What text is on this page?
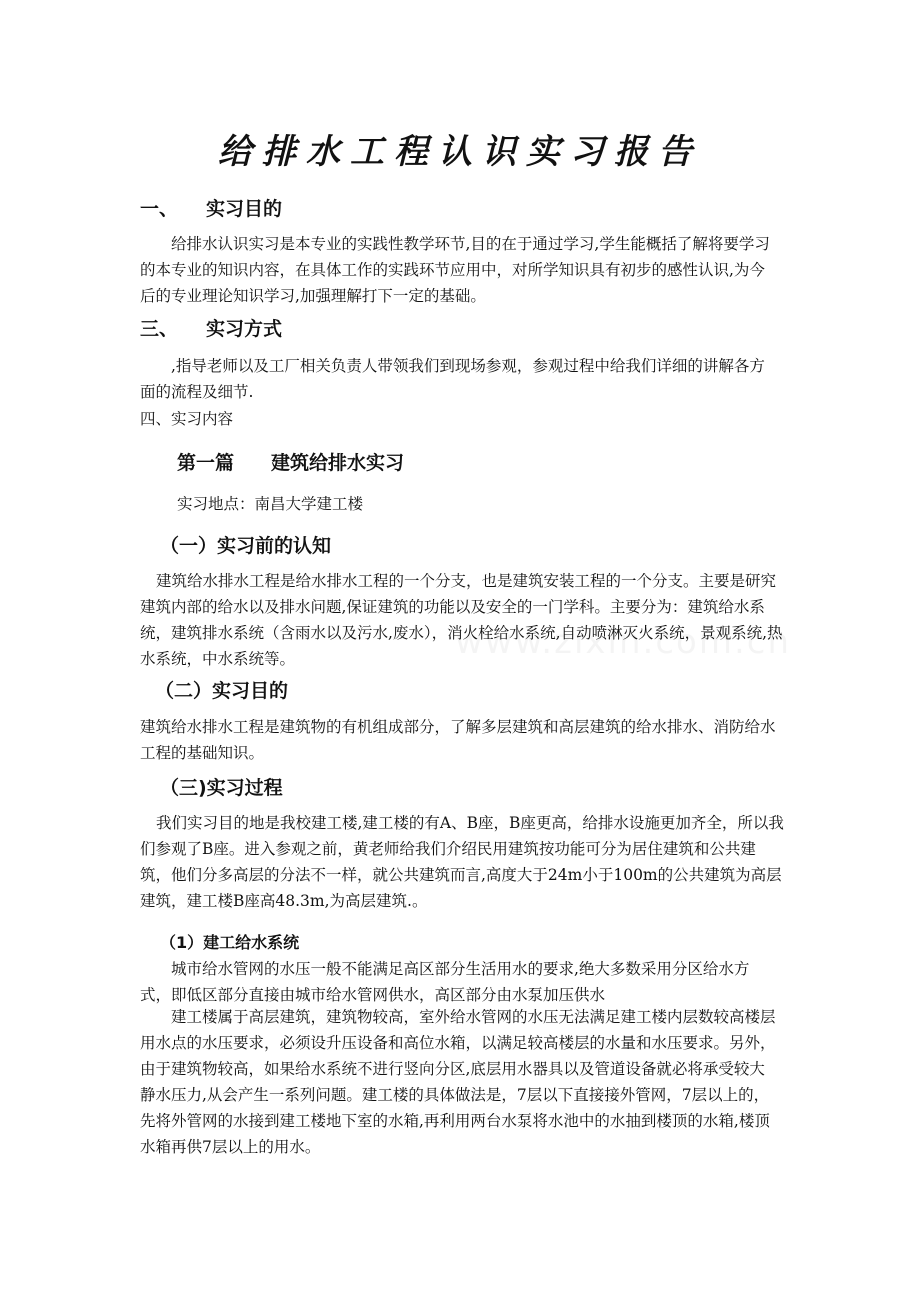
给排水工程认识实习报告
一、 实习目的

给排水认识实习是本专业的实践性教学环节,目的在于通过学习,学生能概括了解将要学习的本专业的知识内容，在具体工作的实践环节应用中，对所学知识具有初步的感性认识,为今后的专业理论知识学习,加强理解打下一定的基础。

三、 实习方式

,指导老师以及工厂相关负责人带领我们到现场参观，参观过程中给我们详细的讲解各方面的流程及细节.

四、实习内容
第一篇 建筑给排水实习
实习地点：南昌大学建工楼
（一）实习前的认知

建筑给水排水工程是给水排水工程的一个分支，也是建筑安装工程的一个分支。主要是研究建筑内部的给水以及排水问题,保证建筑的功能以及安全的一门学科。主要分为：建筑给水系统，建筑排水系统（含雨水以及污水,废水），消火栓给水系统,自动喷淋灭火系统，景观系统,热水系统，中水系统等。

（二）实习目的

建筑给水排水工程是建筑物的有机组成部分，了解多层建筑和高层建筑的给水排水、消防给水工程的基础知识。

（三)实习过程

我们实习目的地是我校建工楼,建工楼的有A、B座，B座更高，给排水设施更加齐全，所以我们参观了B座。进入参观之前，黄老师给我们介绍民用建筑按功能可分为居住建筑和公共建筑，他们分多高层的分法不一样，就公共建筑而言,高度大于24m小于100m的公共建筑为高层建筑，建工楼B座高48.3m,为高层建筑.。

（1）建工给水系统

城市给水管网的水压一般不能满足高区部分生活用水的要求,绝大多数采用分区给水方式，即低区部分直接由城市给水管网供水，高区部分由水泵加压供水

建工楼属于高层建筑，建筑物较高，室外给水管网的水压无法满足建工楼内层数较高楼层用水点的水压要求，必须设升压设备和高位水箱，以满足较高楼层的水量和水压要求。另外，由于建筑物较高，如果给水系统不进行竖向分区,底层用水器具以及管道设备就必将承受较大静水压力,从会产生一系列问题。建工楼的具体做法是，7层以下直接接外管网，7层以上的，先将外管网的水接到建工楼地下室的水箱,再利用两台水泵将水池中的水抽到楼顶的水箱,楼顶水箱再供7层以上的用水。
